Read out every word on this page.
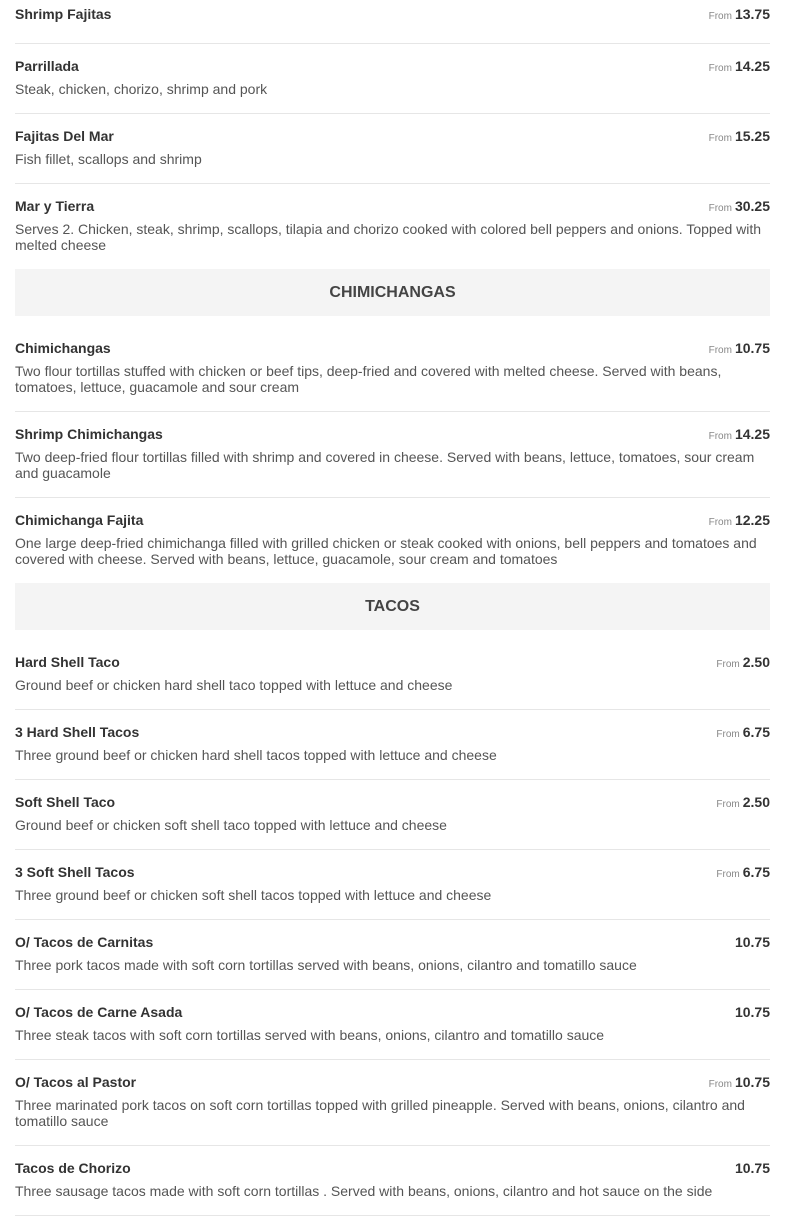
Shrimp Fajitas	From 13.75
Parrillada	From 14.25
Steak, chicken, chorizo, shrimp and pork
Fajitas Del Mar	From 15.25
Fish fillet, scallops and shrimp
Mar y Tierra	From 30.25
Serves 2. Chicken, steak, shrimp, scallops, tilapia and chorizo cooked with colored bell peppers and onions. Topped with melted cheese
CHIMICHANGAS
Chimichangas	From 10.75
Two flour tortillas stuffed with chicken or beef tips, deep-fried and covered with melted cheese. Served with beans, tomatoes, lettuce, guacamole and sour cream
Shrimp Chimichangas	From 14.25
Two deep-fried flour tortillas filled with shrimp and covered in cheese. Served with beans, lettuce, tomatoes, sour cream and guacamole
Chimichanga Fajita	From 12.25
One large deep-fried chimichanga filled with grilled chicken or steak cooked with onions, bell peppers and tomatoes and covered with cheese. Served with beans, lettuce, guacamole, sour cream and tomatoes
TACOS
Hard Shell Taco	From 2.50
Ground beef or chicken hard shell taco topped with lettuce and cheese
3 Hard Shell Tacos	From 6.75
Three ground beef or chicken hard shell tacos topped with lettuce and cheese
Soft Shell Taco	From 2.50
Ground beef or chicken soft shell taco topped with lettuce and cheese
3 Soft Shell Tacos	From 6.75
Three ground beef or chicken soft shell tacos topped with lettuce and cheese
O/ Tacos de Carnitas	10.75
Three pork tacos made with soft corn tortillas served with beans, onions, cilantro and tomatillo sauce
O/ Tacos de Carne Asada	10.75
Three steak tacos with soft corn tortillas served with beans, onions, cilantro and tomatillo sauce
O/ Tacos al Pastor	From 10.75
Three marinated pork tacos on soft corn tortillas topped with grilled pineapple. Served with beans, onions, cilantro and tomatillo sauce
Tacos de Chorizo	10.75
Three sausage tacos made with soft corn tortillas . Served with beans, onions, cilantro and hot sauce on the side
